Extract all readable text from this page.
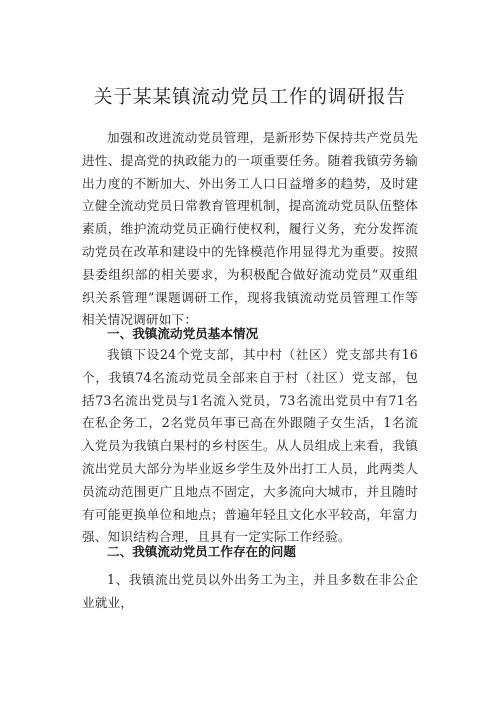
关于某某镇流动党员工作的调研报告

加强和改进流动党员管理，是新形势下保持共产党员先进性、提高党的执政能力的一项重要任务。随着我镇劳务输出力度的不断加大、外出务工人口日益增多的趋势，及时建立健全流动党员日常教育管理机制，提高流动党员队伍整体素质，维护流动党员正确行使权利，履行义务，充分发挥流动党员在改革和建设中的先锋模范作用显得尤为重要。按照县委组织部的相关要求，为积极配合做好流动党员“双重组织关系管理”课题调研工作，现将我镇流动党员管理工作等相关情况调研如下：

一、我镇流动党员基本情况

我镇下设24个党支部，其中村（社区）党支部共有16个，我镇74名流动党员全部来自于村（社区）党支部，包括73名流出党员与1名流入党员，73名流出党员中有71名在私企务工，2名党员年事已高在外跟随子女生活，1名流入党员为我镇白果村的乡村医生。从人员组成上来看，我镇流出党员大部分为毕业返乡学生及外出打工人员，此两类人员流动范围更广且地点不固定，大多流向大城市，并且随时有可能更换单位和地点；普遍年轻且文化水平较高，年富力强、知识结构合理，且具有一定实际工作经验。

二、我镇流动党员工作存在的问题

1、我镇流出党员以外出务工为主，并且多数在非公企业就业，
